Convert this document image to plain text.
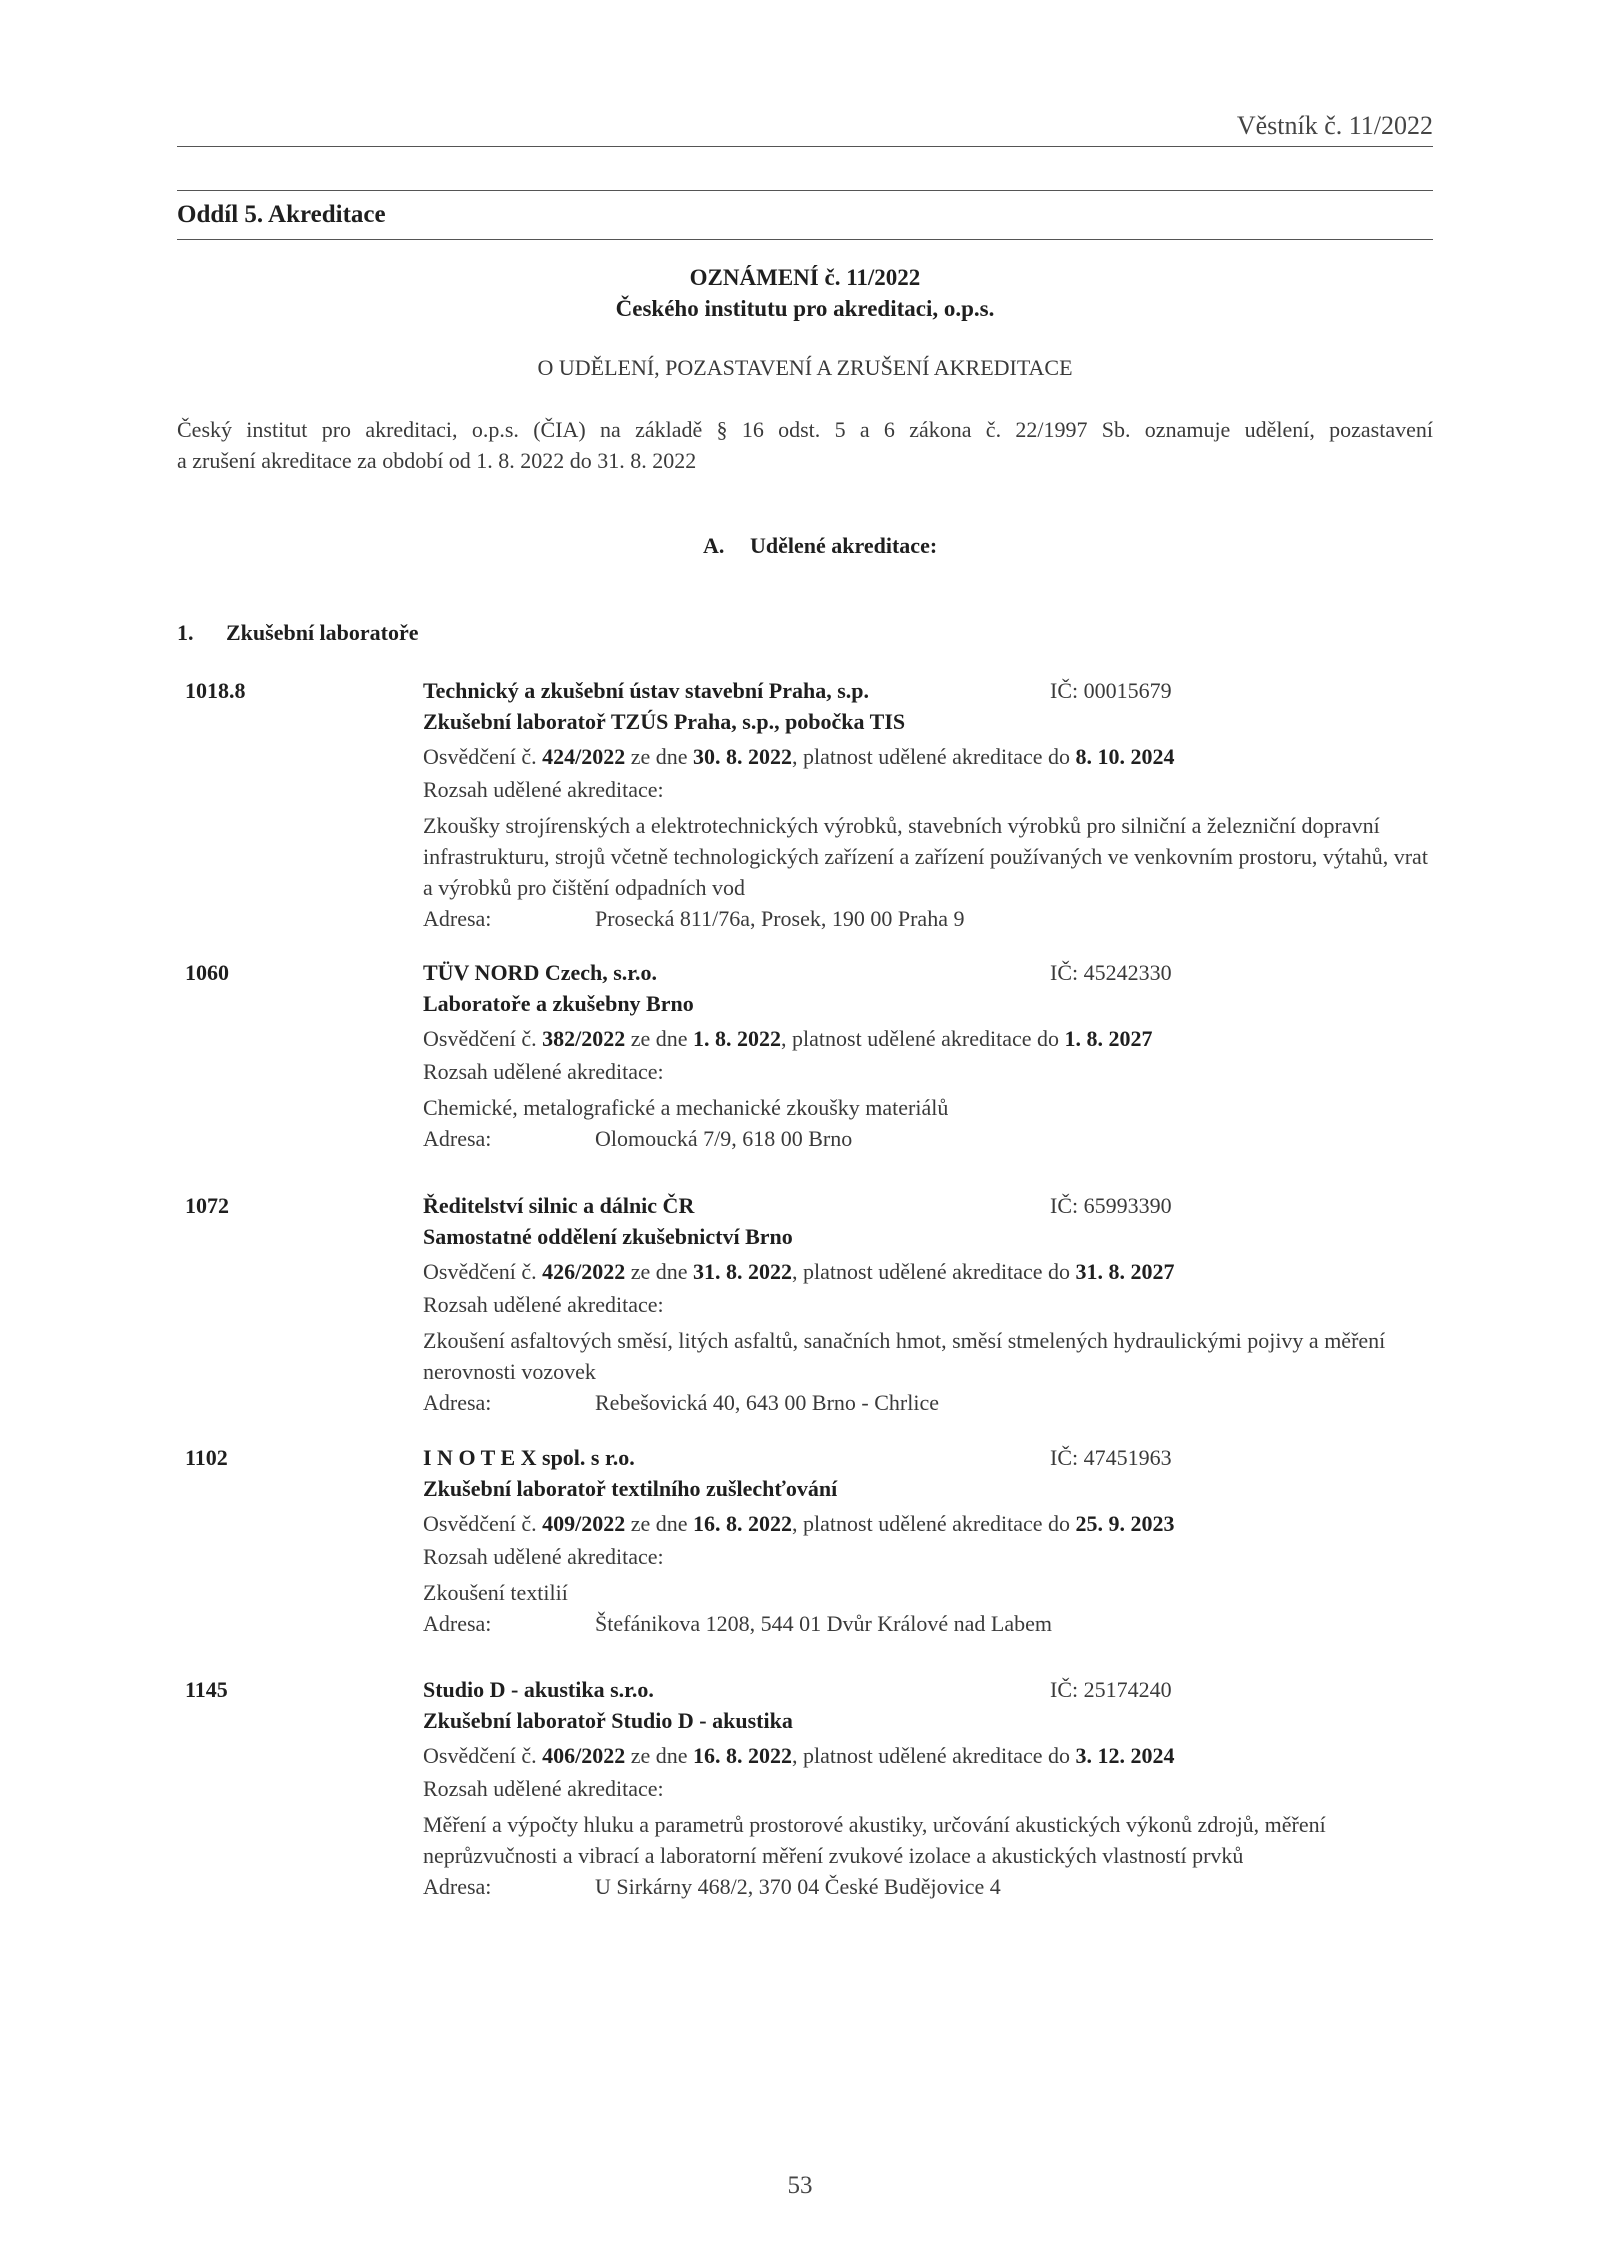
Věstník č. 11/2022
Oddíl 5. Akreditace
OZNÁMENÍ č. 11/2022
Českého institutu pro akreditaci, o.p.s.
O UDĚLENÍ, POZASTAVENÍ A ZRUŠENÍ AKREDITACE

Český institut pro akreditaci, o.p.s. (ČIA) na základě § 16 odst. 5 a 6 zákona č. 22/1997 Sb. oznamuje udělení, pozastavení

a zrušení akreditace za období od 1. 8. 2022 do 31. 8. 2022

A. Udělené akreditace:
1. Zkušební laboratoře
1018.8	Technický a zkušební ústav stavební Praha, s.p.	IČ: 00015679
Zkušební laboratoř TZÚS Praha, s.p., pobočka TIS
Osvědčení č. 424/2022 ze dne 30. 8. 2022, platnost udělené akreditace do 8. 10. 2024
Rozsah udělené akreditace:
Zkoušky strojírenských a elektrotechnických výrobků, stavebních výrobků pro silniční a železniční dopravní infrastrukturu, strojů včetně technologických zařízení a zařízení používaných ve venkovním prostoru, výtahů, vrat a výrobků pro čištění odpadních vod
Adresa:	Prosecká 811/76a, Prosek, 190 00 Praha 9
1060	TÜV NORD Czech, s.r.o.	IČ: 45242330
Laboratoře a zkušebny Brno
Osvědčení č. 382/2022 ze dne 1. 8. 2022, platnost udělené akreditace do 1. 8. 2027
Rozsah udělené akreditace:
Chemické, metalografické a mechanické zkoušky materiálů
Adresa:	Olomoucká 7/9, 618 00 Brno
1072	Ředitelství silnic a dálnic ČR	IČ: 65993390
Samostatné oddělení zkušebnictví Brno
Osvědčení č. 426/2022 ze dne 31. 8. 2022, platnost udělené akreditace do 31. 8. 2027
Rozsah udělené akreditace:
Zkoušení asfaltových směsí, litých asfaltů, sanačních hmot, směsí stmelených hydraulickými pojivy a měření nerovnosti vozovek
Adresa:	Rebešovická 40, 643 00 Brno - Chrlice
1102	I N O T E X spol. s r.o.	IČ: 47451963
Zkušební laboratoř textilního zušlechťování
Osvědčení č. 409/2022 ze dne 16. 8. 2022, platnost udělené akreditace do 25. 9. 2023
Rozsah udělené akreditace:
Zkoušení textilií
Adresa:	Štefánikova 1208, 544 01 Dvůr Králové nad Labem
1145	Studio D - akustika s.r.o.	IČ: 25174240
Zkušební laboratoř Studio D - akustika
Osvědčení č. 406/2022 ze dne 16. 8. 2022, platnost udělené akreditace do 3. 12. 2024
Rozsah udělené akreditace:
Měření a výpočty hluku a parametrů prostorové akustiky, určování akustických výkonů zdrojů, měření neprůzvučnosti a vibrací a laboratorní měření zvukové izolace a akustických vlastností prvků
Adresa:	U Sirkárny 468/2, 370 04 České Budějovice 4
53
